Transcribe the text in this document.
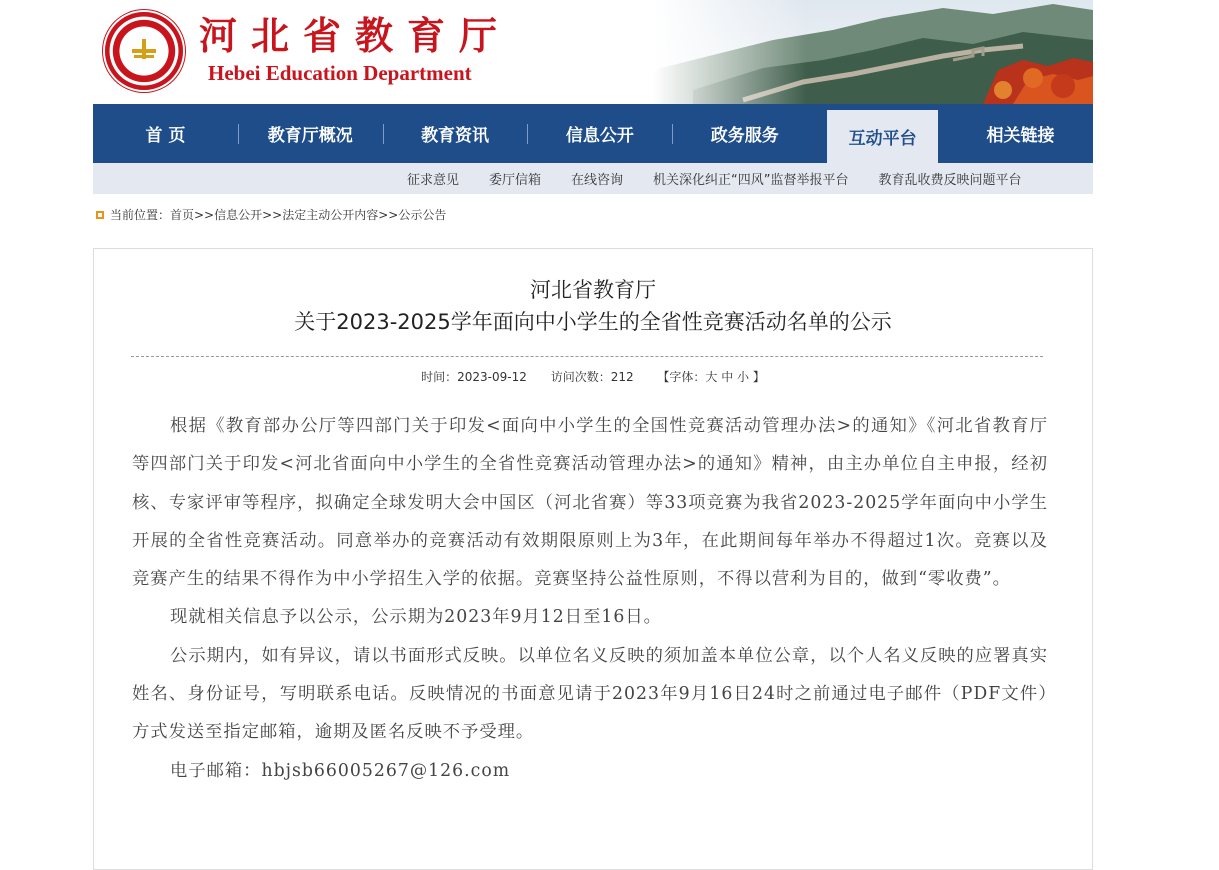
河北省教育厅
Hebei Education Department
首 页	教育厅概况	教育资讯	信息公开	政务服务	互动平台	相关链接
征求意见 委厅信箱 在线咨询 机关深化纠正“四风”监督举报平台 教育乱收费反映问题平台
当前位置：首页>>信息公开>>法定主动公开内容>>公示公告
河北省教育厅
关于2023-2025学年面向中小学生的全省性竞赛活动名单的公示
时间：2023-09-12 访问次数：212 【字体：大 中 小 】

根据《教育部办公厅等四部门关于印发<面向中小学生的全国性竞赛活动管理办法>的通知》《河北省教育厅等四部门关于印发<河北省面向中小学生的全省性竞赛活动管理办法>的通知》精神，由主办单位自主申报，经初核、专家评审等程序，拟确定全球发明大会中国区（河北省赛）等33项竞赛为我省2023-2025学年面向中小学生开展的全省性竞赛活动。同意举办的竞赛活动有效期限原则上为3年，在此期间每年举办不得超过1次。竞赛以及竞赛产生的结果不得作为中小学招生入学的依据。竞赛坚持公益性原则，不得以营利为目的，做到“零收费”。

现就相关信息予以公示，公示期为2023年9月12日至16日。

公示期内，如有异议，请以书面形式反映。以单位名义反映的须加盖本单位公章，以个人名义反映的应署真实姓名、身份证号，写明联系电话。反映情况的书面意见请于2023年9月16日24时之前通过电子邮件（PDF文件）方式发送至指定邮箱，逾期及匿名反映不予受理。

电子邮箱：hbjsb66005267@126.com
